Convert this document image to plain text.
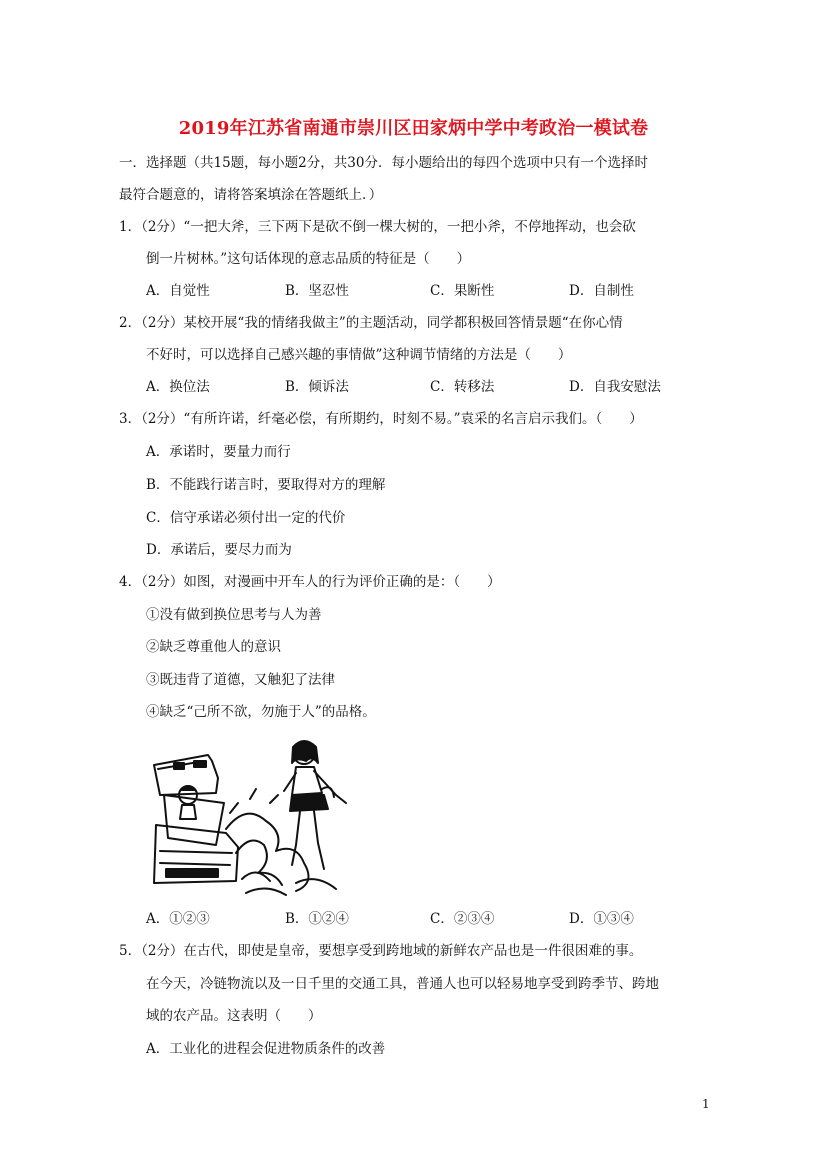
2019年江苏省南通市崇川区田家炳中学中考政治一模试卷
一．选择题（共15题，每小题2分，共30分．每小题给出的每四个选项中只有一个选择时
最符合题意的，请将答案填涂在答题纸上．）
1．（2分）“一把大斧，三下两下是砍不倒一棵大树的，一把小斧，不停地挥动，也会砍
倒一片树林。”这句话体现的意志品质的特征是（　　）
A．自觉性	B．坚忍性	C．果断性	D．自制性
2．（2分）某校开展“我的情绪我做主”的主题活动，同学都积极回答情景题“在你心情
不好时，可以选择自己感兴趣的事情做”这种调节情绪的方法是（　　）
A．换位法	B．倾诉法	C．转移法	D．自我安慰法
3．（2分）“有所许诺，纤毫必偿，有所期约，时刻不易。”袁采的名言启示我们。（　　）
A．承诺时，要量力而行
B．不能践行诺言时，要取得对方的理解
C．信守承诺必须付出一定的代价
D．承诺后，要尽力而为
4．（2分）如图，对漫画中开车人的行为评价正确的是：（　　）
①没有做到换位思考与人为善
②缺乏尊重他人的意识
③既违背了道德，又触犯了法律
④缺乏“己所不欲，勿施于人”的品格。
A．①②③	B．①②④	C．②③④	D．①③④
5．（2分）在古代，即使是皇帝，要想享受到跨地域的新鲜农产品也是一件很困难的事。
在今天，冷链物流以及一日千里的交通工具，普通人也可以轻易地享受到跨季节、跨地
域的农产品。这表明（　　）
A．工业化的进程会促进物质条件的改善
1
